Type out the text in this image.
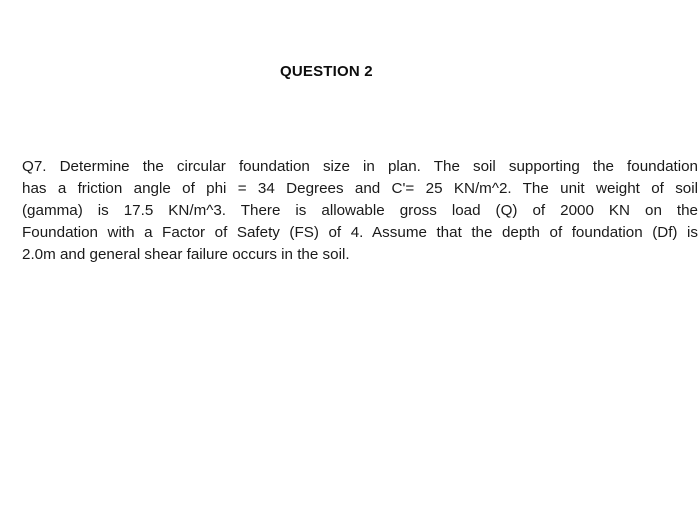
QUESTION 2
Q7. Determine the circular foundation size in plan. The soil supporting the foundation
has a friction angle of phi = 34 Degrees and C'= 25 KN/m^2. The unit weight of soil
(gamma) is 17.5 KN/m^3. There is allowable gross load (Q) of 2000 KN on the
Foundation with a Factor of Safety (FS) of 4. Assume that the depth of foundation (Df) is
2.0m and general shear failure occurs in the soil.
